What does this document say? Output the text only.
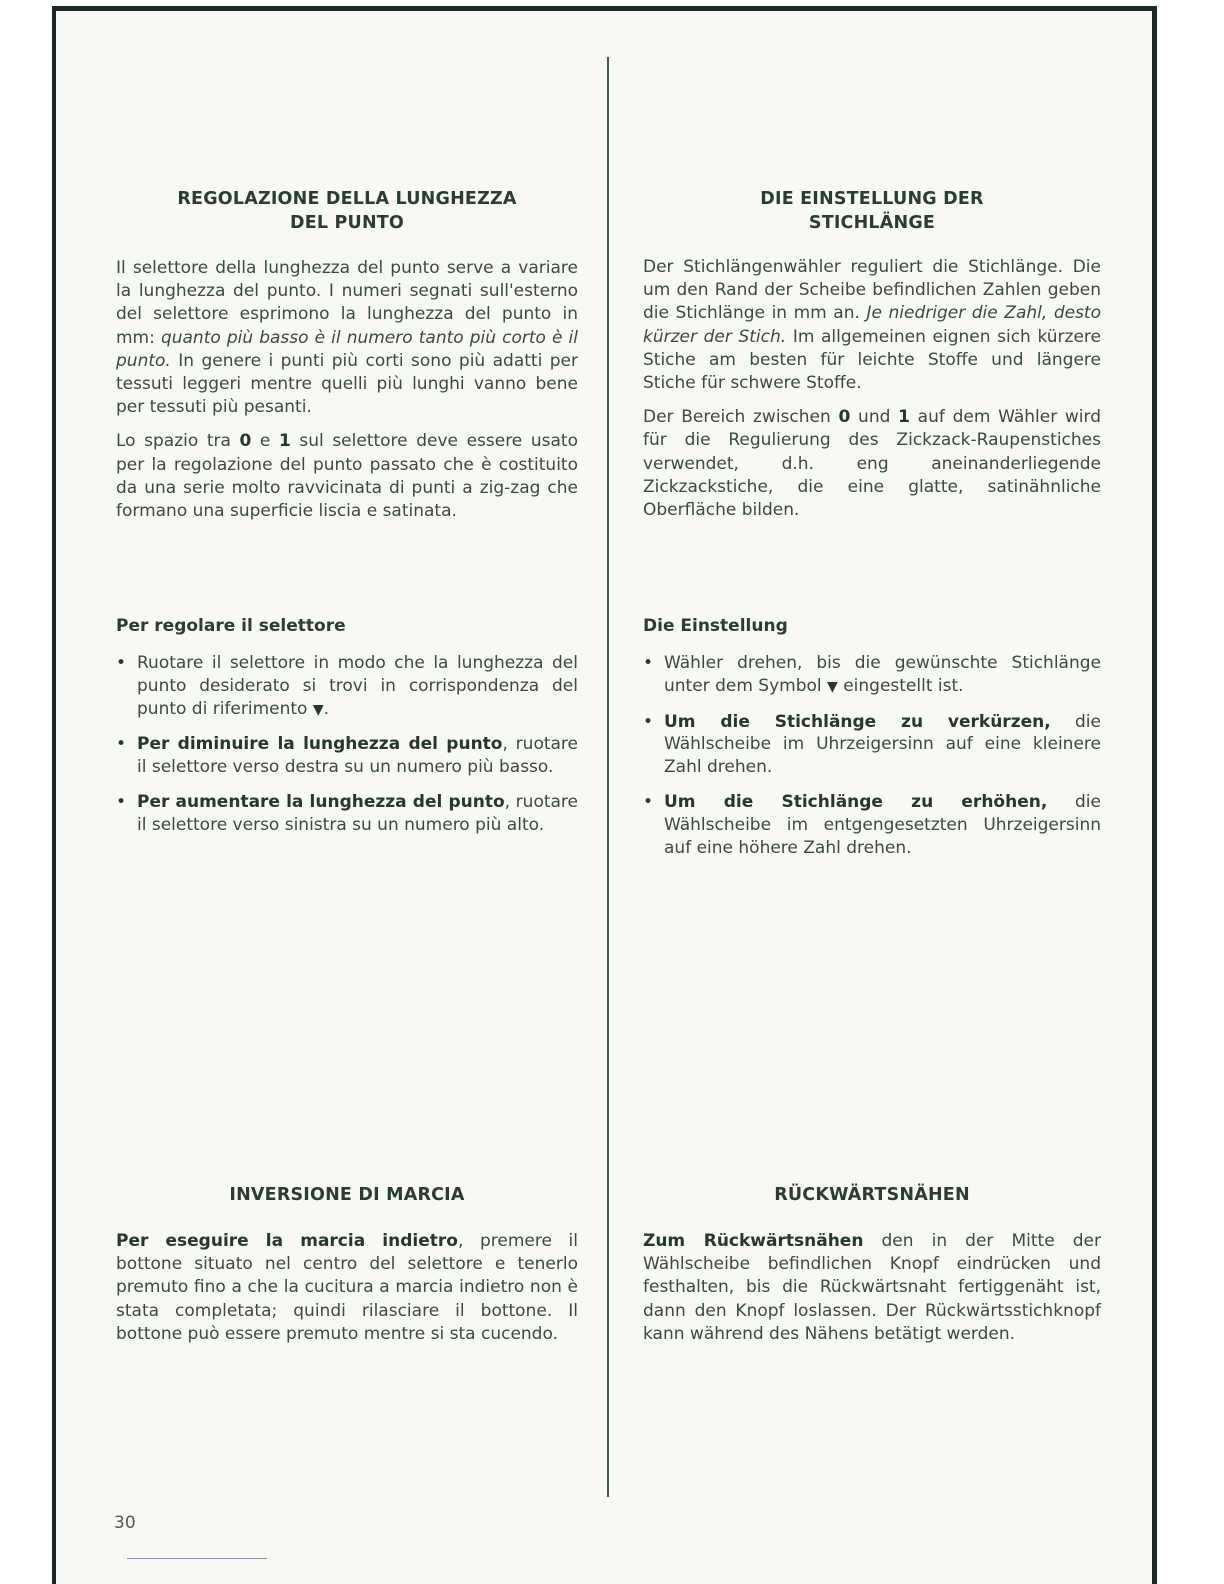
REGOLAZIONE DELLA LUNGHEZZA
DEL PUNTO

Il selettore della lunghezza del punto serve a variare la lunghezza del punto. I numeri segnati sull'esterno del selettore esprimono la lunghezza del punto in mm: quanto più basso è il numero tanto più corto è il punto. In genere i punti più corti sono più adatti per tessuti leggeri mentre quelli più lunghi vanno bene per tessuti più pesanti.

Lo spazio tra 0 e 1 sul selettore deve essere usato per la regolazione del punto passato che è costituito da una serie molto ravvicinata di punti a zig-zag che formano una superficie liscia e satinata.

Per regolare il selettore
• Ruotare il selettore in modo che la lunghezza del punto desiderato si trovi in corrispondenza del punto di riferimento ▼.
• Per diminuire la lunghezza del punto, ruotare il selettore verso destra su un numero più basso.
• Per aumentare la lunghezza del punto, ruotare il selettore verso sinistra su un numero più alto.
INVERSIONE DI MARCIA

Per eseguire la marcia indietro, premere il bottone situato nel centro del selettore e tenerlo premuto fino a che la cucitura a marcia indietro non è stata completata; quindi rilasciare il bottone. Il bottone può essere premuto mentre si sta cucendo.

DIE EINSTELLUNG DER
STICHLÄNGE

Der Stichlängenwähler reguliert die Stichlänge. Die um den Rand der Scheibe befindlichen Zahlen geben die Stichlänge in mm an. Je niedriger die Zahl, desto kürzer der Stich. Im allgemeinen eignen sich kürzere Stiche am besten für leichte Stoffe und längere Stiche für schwere Stoffe.

Der Bereich zwischen 0 und 1 auf dem Wähler wird für die Regulierung des Zickzack-Raupenstiches verwendet, d.h. eng aneinanderliegende Zickzackstiche, die eine glatte, satinähnliche Oberfläche bilden.

Die Einstellung
• Wähler drehen, bis die gewünschte Stichlänge unter dem Symbol ▼ eingestellt ist.
• Um die Stichlänge zu verkürzen, die Wählscheibe im Uhrzeigersinn auf eine kleinere Zahl drehen.
• Um die Stichlänge zu erhöhen, die Wählscheibe im entgengesetzten Uhrzeigersinn auf eine höhere Zahl drehen.
RÜCKWÄRTSNÄHEN

Zum Rückwärtsnähen den in der Mitte der Wählscheibe befindlichen Knopf eindrücken und festhalten, bis die Rückwärtsnaht fertiggenäht ist, dann den Knopf loslassen. Der Rückwärtsstichknopf kann während des Nähens betätigt werden.

30
